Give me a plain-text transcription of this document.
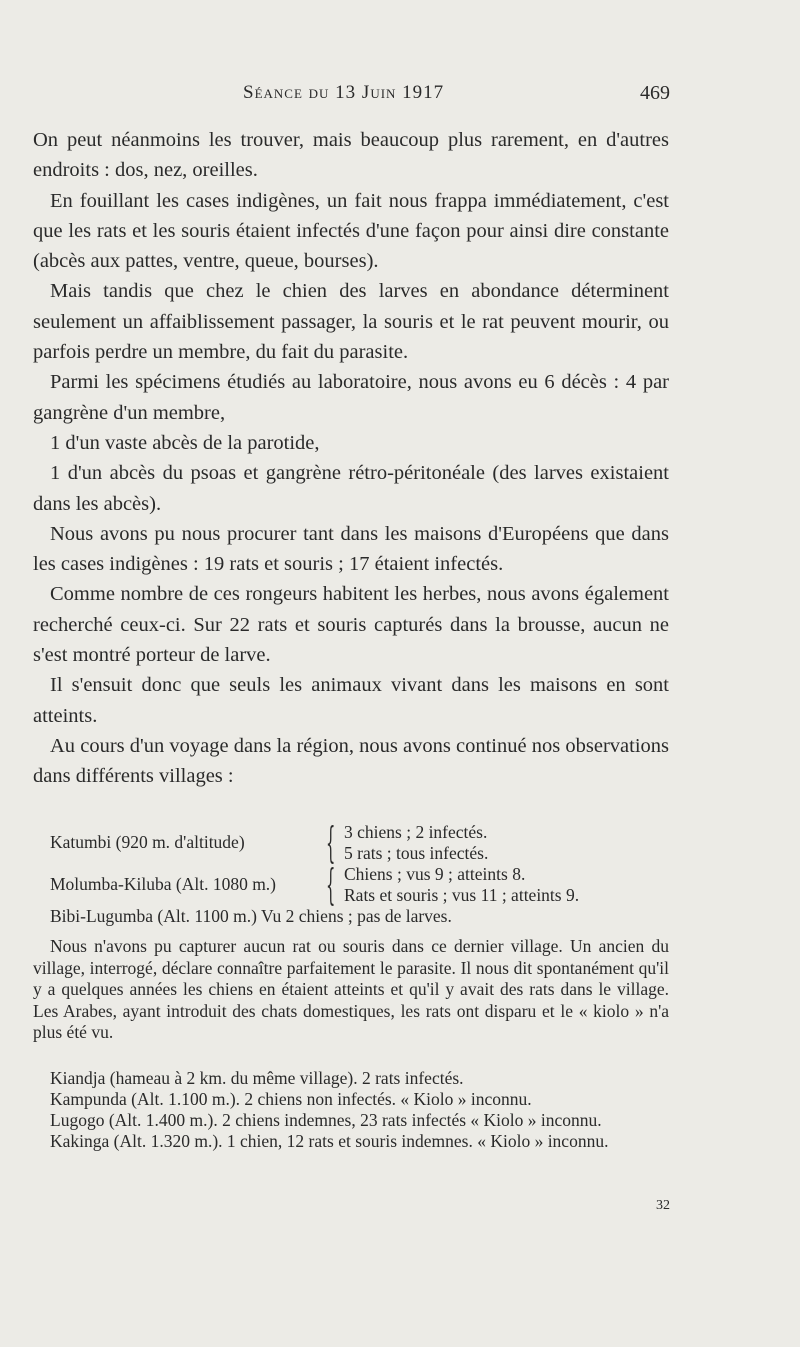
Séance du 13 Juin 1917	469

On peut néanmoins les trouver, mais beaucoup plus rarement, en d'autres endroits : dos, nez, oreilles.

En fouillant les cases indigènes, un fait nous frappa immédiatement, c'est que les rats et les souris étaient infectés d'une façon pour ainsi dire constante (abcès aux pattes, ventre, queue, bourses).

Mais tandis que chez le chien des larves en abondance déterminent seulement un affaiblissement passager, la souris et le rat peuvent mourir, ou parfois perdre un membre, du fait du parasite.

Parmi les spécimens étudiés au laboratoire, nous avons eu 6 décès : 4 par gangrène d'un membre,

1 d'un vaste abcès de la parotide,

1 d'un abcès du psoas et gangrène rétro-péritonéale (des larves existaient dans les abcès).

Nous avons pu nous procurer tant dans les maisons d'Européens que dans les cases indigènes : 19 rats et souris ; 17 étaient infectés.

Comme nombre de ces rongeurs habitent les herbes, nous avons également recherché ceux-ci. Sur 22 rats et souris capturés dans la brousse, aucun ne s'est montré porteur de larve.

Il s'ensuit donc que seuls les animaux vivant dans les maisons en sont atteints.

Au cours d'un voyage dans la région, nous avons continué nos observations dans différents villages :

Katumbi (920 m. d'altitude) { 3 chiens ; 2 infectés.
5 rats ; tous infectés.
Molumba-Kiluba (Alt. 1080 m.) { Chiens ; vus 9 ; atteints 8.
Rats et souris ; vus 11 ; atteints 9.
Bibi-Lugumba (Alt. 1100 m.) Vu 2 chiens ; pas de larves.

Nous n'avons pu capturer aucun rat ou souris dans ce dernier village. Un ancien du village, interrogé, déclare connaître parfaitement le parasite. Il nous dit spontanément qu'il y a quelques années les chiens en étaient atteints et qu'il y avait des rats dans le village. Les Arabes, ayant introduit des chats domestiques, les rats ont disparu et le « kiolo » n'a plus été vu.

Kiandja (hameau à 2 km. du même village). 2 rats infectés.

Kampunda (Alt. 1.100 m.). 2 chiens non infectés. « Kiolo » inconnu.

Lugogo (Alt. 1.400 m.). 2 chiens indemnes, 23 rats infectés « Kiolo » inconnu.

Kakinga (Alt. 1.320 m.). 1 chien, 12 rats et souris indemnes. « Kiolo » inconnu.

32
